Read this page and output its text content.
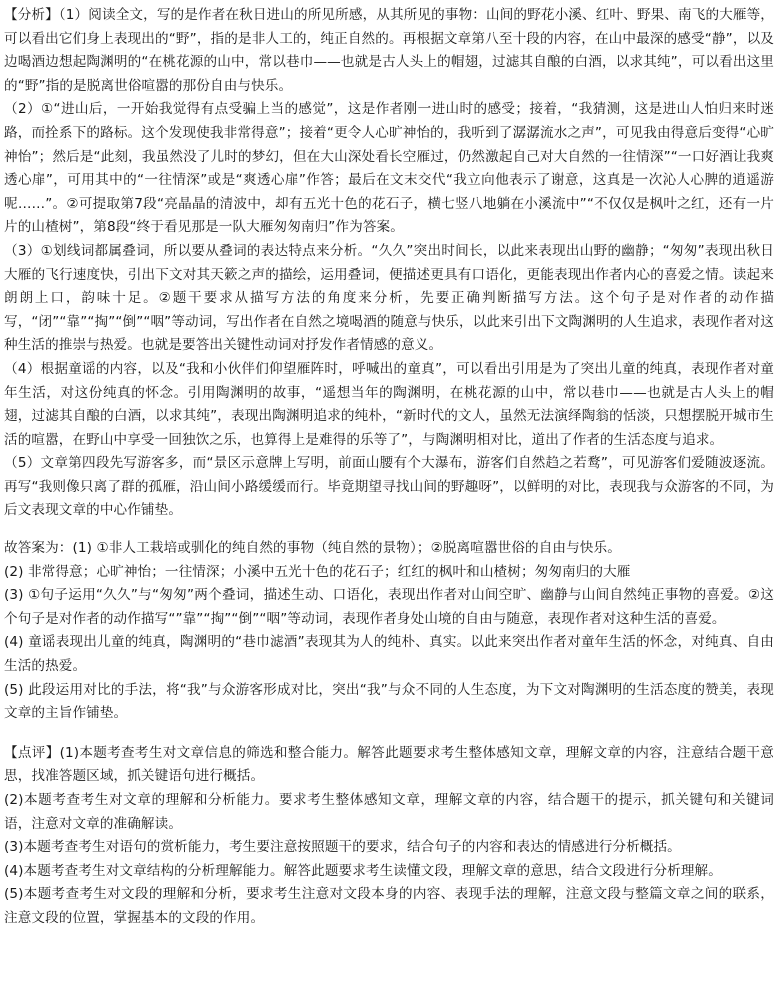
【分析】（1）阅读全文，写的是作者在秋日进山的所见所感，从其所见的事物：山间的野花小溪、红叶、野果、南飞的大雁等，可以看出它们身上表现出的“野”，指的是非人工的，纯正自然的。再根据文章第八至十段的内容，在山中最深的感受“静”，以及边喝酒边想起陶渊明的“在桃花源的山中，常以巷巾——也就是古人头上的帽翅，过滤其自酿的白酒，以求其纯”，可以看出这里的“野”指的是脱离世俗喧嚣的那份自由与快乐。

（2）①“进山后，一开始我觉得有点受骗上当的感觉”，这是作者刚一进山时的感受；接着，“我猜测，这是进山人怕归来时迷路，而拴系下的路标。这个发现使我非常得意”；接着“更令人心旷神怡的，我听到了潺潺流水之声”，可见我由得意后变得“心旷神怡”；然后是“此刻，我虽然没了儿时的梦幻，但在大山深处看长空雁过，仍然激起自己对大自然的一往情深”“一口好酒让我爽透心扉”，可用其中的“一往情深”或是“爽透心扉”作答；最后在文末交代“我立向他表示了谢意，这真是一次沁人心脾的逍遥游呢……”。②可提取第7段“亮晶晶的清波中，却有五光十色的花石子，横七竖八地躺在小溪流中”“不仅仅是枫叶之红，还有一片片的山楂树”，第8段“终于看见那是一队大雁匆匆南归”作为答案。

（3）①划线词都属叠词，所以要从叠词的表达特点来分析。“久久”突出时间长，以此来表现出山野的幽静；“匆匆”表现出秋日大雁的飞行速度快，引出下文对其天簌之声的描绘，运用叠词，便描述更具有口语化，更能表现出作者内心的喜爱之情。读起来朗朗上口，韵味十足。②题干要求从描写方法的角度来分析，先要正确判断描写方法。这个句子是对作者的动作描写，“闭”“靠”“掏”“倒”“咽”等动词，写出作者在自然之境喝酒的随意与快乐，以此来引出下文陶渊明的人生追求，表现作者对这种生活的推崇与热爱。也就是要答出关键性动词对抒发作者情感的意义。

（4）根据童谣的内容，以及“我和小伙伴们仰望雁阵时，呼喊出的童真”，可以看出引用是为了突出儿童的纯真，表现作者对童年生活，对这份纯真的怀念。引用陶渊明的故事，“遥想当年的陶渊明，在桃花源的山中，常以巷巾——也就是古人头上的帽翅，过滤其自酿的白酒，以求其纯”，表现出陶渊明追求的纯朴，“新时代的文人，虽然无法演绎陶翁的恬淡，只想摆脱开城市生活的喧嚣，在野山中享受一回独饮之乐，也算得上是难得的乐等了”，与陶渊明相对比，道出了作者的生活态度与追求。

（5）文章第四段先写游客多，而“景区示意牌上写明，前面山腰有个大瀑布，游客们自然趋之若鹜”，可见游客们爱随波逐流。再写“我则像只离了群的孤雁，沿山间小路缓缓而行。毕竟期望寻找山间的野趣呀”，以鲜明的对比，表现我与众游客的不同，为后文表现文章的中心作铺垫。

故答案为：(1) ①非人工栽培或驯化的纯自然的事物（纯自然的景物）；②脱离喧嚣世俗的自由与快乐。

(2) 非常得意；心旷神怡；一往情深；小溪中五光十色的花石子；红红的枫叶和山楂树；匆匆南归的大雁

(3) ①句子运用“久久”与“匆匆”两个叠词，描述生动、口语化，表现出作者对山间空旷、幽静与山间自然纯正事物的喜爱。②这个句子是对作者的动作描写“”靠”“掏”“倒”“咽”等动词，表现作者身处山境的自由与随意，表现作者对这种生活的喜爱。

(4) 童谣表现出儿童的纯真，陶渊明的“巷巾滤酒”表现其为人的纯朴、真实。以此来突出作者对童年生活的怀念，对纯真、自由生活的热爱。

(5) 此段运用对比的手法，将“我”与众游客形成对比，突出“我”与众不同的人生态度，为下文对陶渊明的生活态度的赞美，表现文章的主旨作铺垫。

【点评】(1)本题考查考生对文章信息的筛选和整合能力。解答此题要求考生整体感知文章，理解文章的内容，注意结合题干意思，找准答题区域，抓关键语句进行概括。

(2)本题考查考生对文章的理解和分析能力。要求考生整体感知文章，理解文章的内容，结合题干的提示，抓关键句和关键词语，注意对文章的准确解读。

(3)本题考查考生对语句的赏析能力，考生要注意按照题干的要求，结合句子的内容和表达的情感进行分析概括。

(4)本题考查考生对文章结构的分析理解能力。解答此题要求考生读懂文段，理解文章的意思，结合文段进行分析理解。

(5)本题考查考生对文段的理解和分析，要求考生注意对文段本身的内容、表现手法的理解，注意文段与整篇文章之间的联系，注意文段的位置，掌握基本的文段的作用。
